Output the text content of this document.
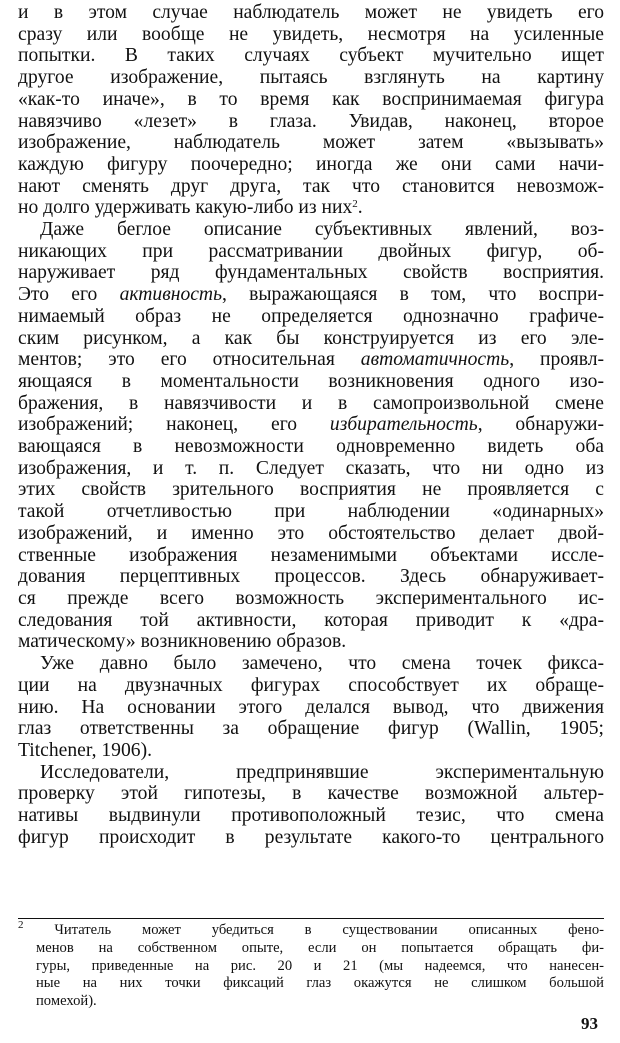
и в этом случае наблюдатель может не увидеть его
сразу или вообще не увидеть, несмотря на усиленные
попытки. В таких случаях субъект мучительно ищет
другое изображение, пытаясь взглянуть на картину
«как-то иначе», в то время как воспринимаемая фигура
навязчиво «лезет» в глаза. Увидав, наконец, второе
изображение, наблюдатель может затем «вызывать»
каждую фигуру поочередно; иногда же они сами начи-
нают сменять друг друга, так что становится невозмож-
но долго удерживать какую-либо из них$^2$.
Даже беглое описание субъективных явлений, воз-
никающих при рассматривании двойных фигур, об-
наруживает ряд фундаментальных свойств восприятия.
Это его активность, выражающаяся в том, что воспри-
нимаемый образ не определяется однозначно графиче-
ским рисунком, а как бы конструируется из его эле-
ментов; это его относительная автоматичность, проявл-
яющаяся в моментальности возникновения одного изо-
бражения, в навязчивости и в самопроизвольной смене
изображений; наконец, его избирательность, обнаружи-
вающаяся в невозможности одновременно видеть оба
изображения, и т. п. Следует сказать, что ни одно из
этих свойств зрительного восприятия не проявляется с
такой отчетливостью при наблюдении «одинарных»
изображений, и именно это обстоятельство делает двой-
ственные изображения незаменимыми объектами иссле-
дования перцептивных процессов. Здесь обнаруживает-
ся прежде всего возможность экспериментального ис-
следования той активности, которая приводит к «дра-
матическому» возникновению образов.
Уже давно было замечено, что смена точек фикса-
ции на двузначных фигурах способствует их обраще-
нию. На основании этого делался вывод, что движения
глаз ответственны за обращение фигур (Wallin, 1905;
Titchener, 1906).
Исследователи, предпринявшие экспериментальную
проверку этой гипотезы, в качестве возможной альтер-
нативы выдвинули противоположный тезис, что смена
фигур происходит в результате какого-то центрального
$^2$ Читатель может убедиться в существовании описанных фено-
менов на собственном опыте, если он попытается обращать фи-
гуры, приведенные на рис. 20 и 21 (мы надеемся, что нанесен-
ные на них точки фиксаций глаз окажутся не слишком большой
помехой).
93
